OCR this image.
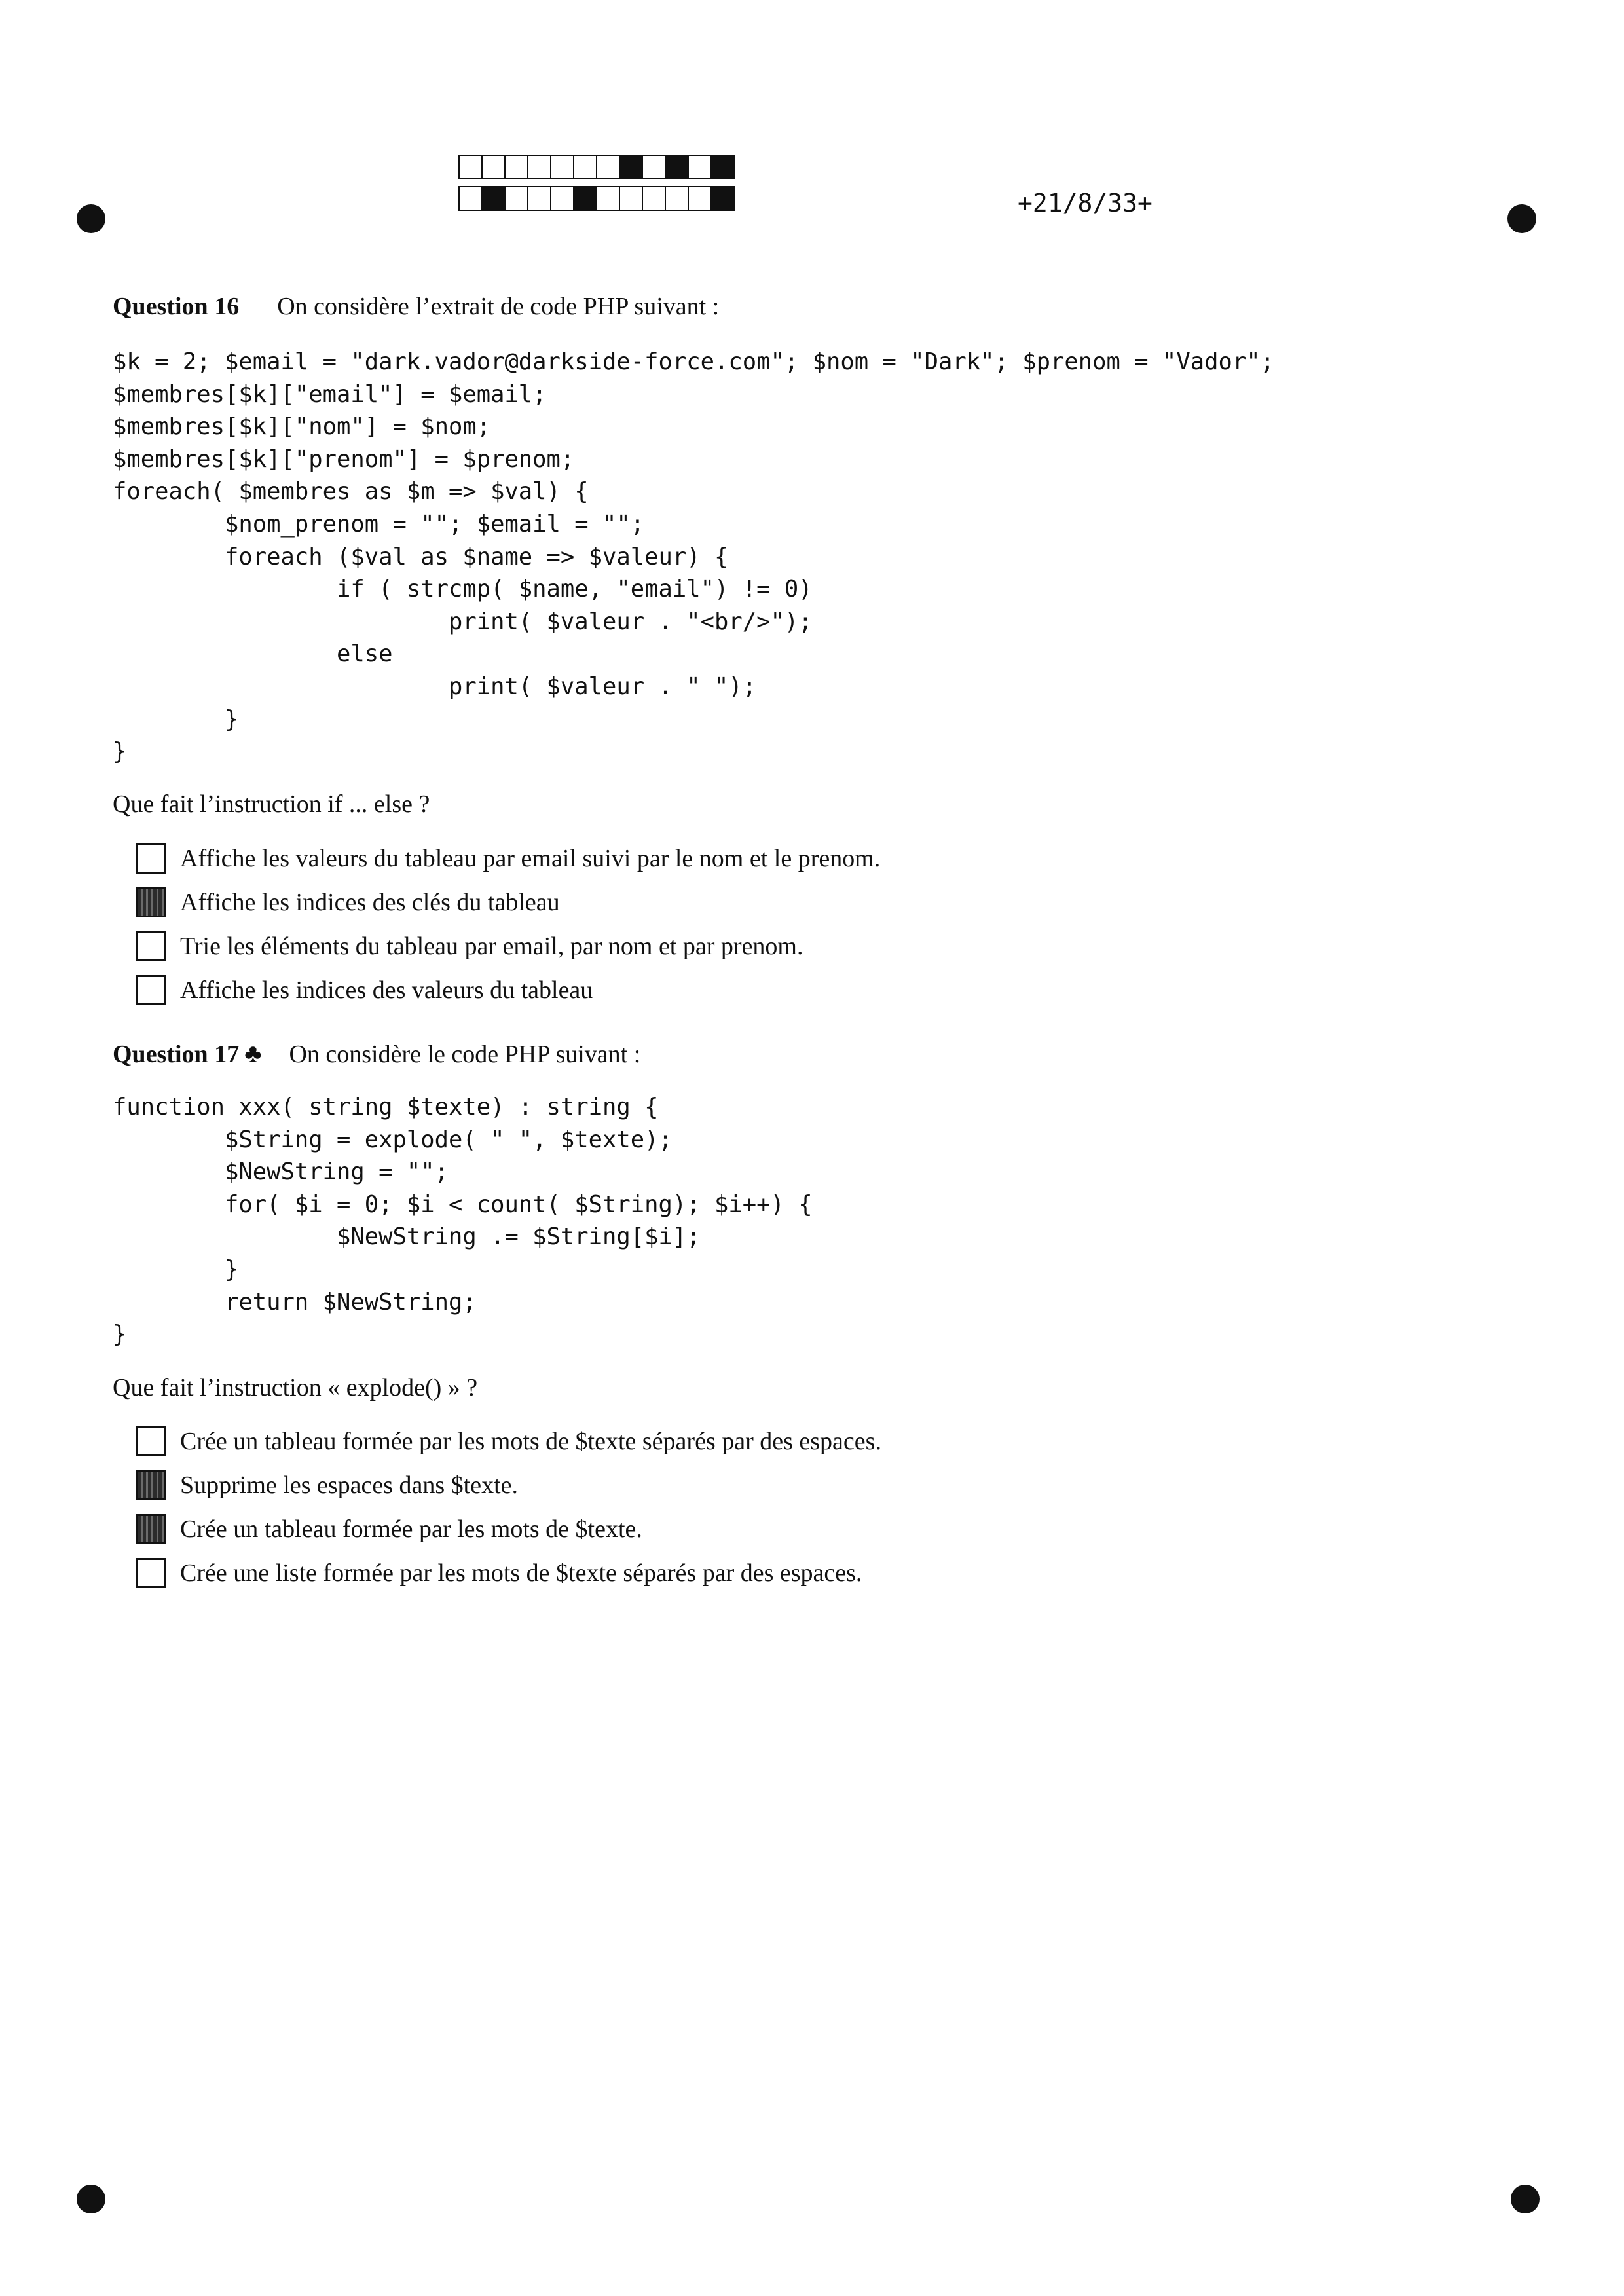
+21/8/33+
Question 16 On considère l’extrait de code PHP suivant :
$k = 2; $email = "dark.vador@darkside-force.com"; $nom = "Dark"; $prenom = "Vador";
$membres[$k]["email"] = $email;
$membres[$k]["nom"] = $nom;
$membres[$k]["prenom"] = $prenom;
foreach( $membres as $m => $val) {
$nom_prenom = ""; $email = "";
foreach ($val as $name => $valeur) {
if ( strcmp( $name, "email") != 0)
print( $valeur . "<br/>");
else
print( $valeur . " ");
}
}
Que fait l’instruction if ... else ?
Affiche les valeurs du tableau par email suivi par le nom et le prenom.
Affiche les indices des clés du tableau
Trie les éléments du tableau par email, par nom et par prenom.
Affiche les indices des valeurs du tableau
Question 17 ♣ On considère le code PHP suivant :
function xxx( string $texte) : string {
$String = explode( " ", $texte);
$NewString = "";
for( $i = 0; $i < count( $String); $i++) {
$NewString .= $String[$i];
}
return $NewString;
}
Que fait l’instruction « explode() » ?
Crée un tableau formée par les mots de $texte séparés par des espaces.
Supprime les espaces dans $texte.
Crée un tableau formée par les mots de $texte.
Crée une liste formée par les mots de $texte séparés par des espaces.
